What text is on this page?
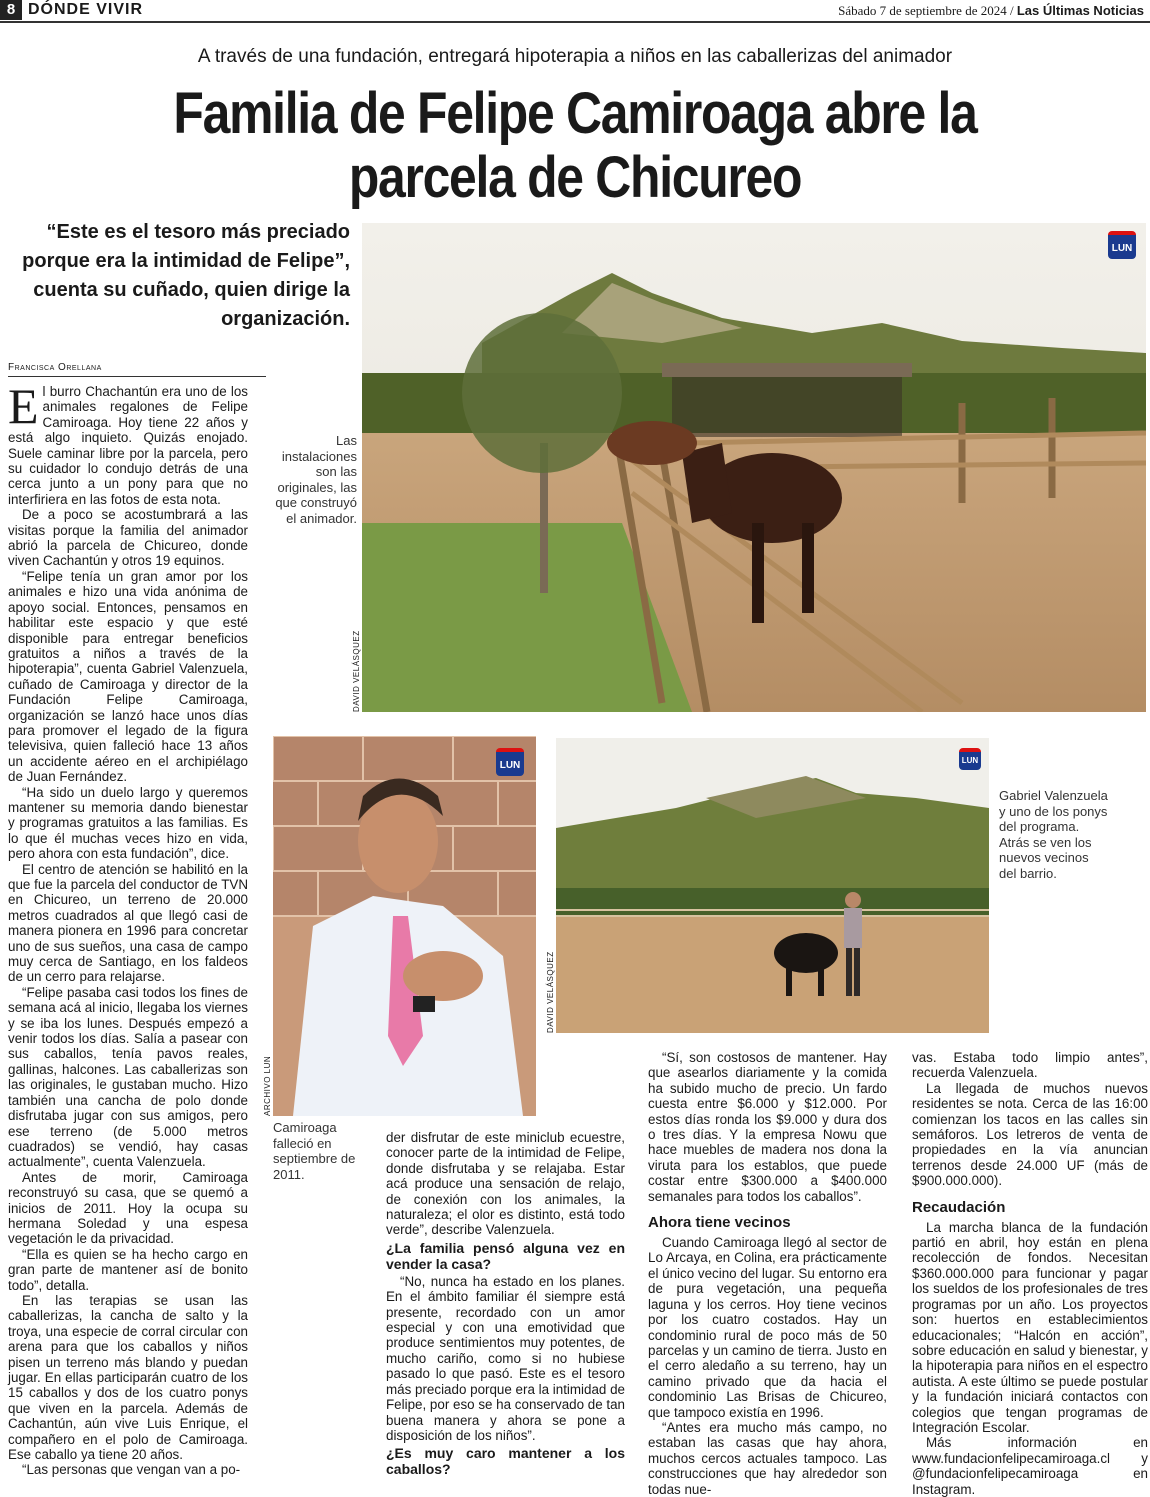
8 DÓNDE VIVIR	Sábado 7 de septiembre de 2024 / Las Últimas Noticias
A través de una fundación, entregará hipoterapia a niños en las caballerizas del animador
Familia de Felipe Camiroaga abre la parcela de Chicureo
“Este es el tesoro más preciado porque era la intimidad de Felipe”, cuenta su cuñado, quien dirige la organización.
Francisca Orellana
LUN
DAVID VELÁSQUEZ
Las instalaciones son las originales, las que construyó el animador.
LUN
ARCHIVO LUN
Camiroaga falleció en septiembre de 2011.
LUN
DAVID VELÁSQUEZ
Gabriel Valenzuela y uno de los ponys del programa. Atrás se ven los nuevos vecinos del barrio.

El burro Chachantún era uno de los animales regalones de Felipe Camiroaga. Hoy tiene 22 años y está algo inquieto. Quizás enojado. Suele caminar libre por la parcela, pero su cuidador lo condujo detrás de una cerca junto a un pony para que no interfiriera en las fotos de esta nota.

De a poco se acostumbrará a las visitas porque la familia del animador abrió la parcela de Chicureo, donde viven Cachantún y otros 19 equinos.

“Felipe tenía un gran amor por los animales e hizo una vida anónima de apoyo social. Entonces, pensamos en habilitar este espacio y que esté disponible para entregar beneficios gratuitos a niños a través de la hipoterapia”, cuenta Gabriel Valenzuela, cuñado de Camiroaga y director de la Fundación Felipe Camiroaga, organización se lanzó hace unos días para promover el legado de la figura televisiva, quien falleció hace 13 años un accidente aéreo en el archipiélago de Juan Fernández.

“Ha sido un duelo largo y queremos mantener su memoria dando bienestar y programas gratuitos a las familias. Es lo que él muchas veces hizo en vida, pero ahora con esta fundación”, dice.

El centro de atención se habilitó en la que fue la parcela del conductor de TVN en Chicureo, un terreno de 20.000 metros cuadrados al que llegó casi de manera pionera en 1996 para concretar uno de sus sueños, una casa de campo muy cerca de Santiago, en los faldeos de un cerro para relajarse.

“Felipe pasaba casi todos los fines de semana acá al inicio, llegaba los viernes y se iba los lunes. Después empezó a venir todos los días. Salía a pasear con sus caballos, tenía pavos reales, gallinas, halcones. Las caballerizas son las originales, le gustaban mucho. Hizo también una cancha de polo donde disfrutaba jugar con sus amigos, pero ese terreno (de 5.000 metros cuadrados) se vendió, hay casas actualmente”, cuenta Valenzuela.

Antes de morir, Camiroaga reconstruyó su casa, que se quemó a inicios de 2011. Hoy la ocupa su hermana Soledad y una espesa vegetación le da privacidad.

“Ella es quien se ha hecho cargo en gran parte de mantener así de bonito todo”, detalla.

En las terapias se usan las caballerizas, la cancha de salto y la troya, una especie de corral circular con arena para que los caballos y niños pisen un terreno más blando y puedan jugar. En ellas participarán cuatro de los 15 caballos y dos de los cuatro ponys que viven en la parcela. Además de Cachantún, aún vive Luis Enrique, el compañero en el polo de Camiroaga. Ese caballo ya tiene 20 años.

“Las personas que vengan van a po-

der disfrutar de este miniclub ecuestre, conocer parte de la intimidad de Felipe, donde disfrutaba y se relajaba. Estar acá produce una sensación de relajo, de conexión con los animales, la naturaleza; el olor es distinto, está todo verde”, describe Valenzuela.

¿La familia pensó alguna vez en vender la casa?

“No, nunca ha estado en los planes. En el ámbito familiar él siempre está presente, recordado con un amor especial y con una emotividad que produce sentimientos muy potentes, de mucho cariño, como si no hubiese pasado lo que pasó. Este es el tesoro más preciado porque era la intimidad de Felipe, por eso se ha conservado de tan buena manera y ahora se pone a disposición de los niños”.

¿Es muy caro mantener a los caballos?

“Sí, son costosos de mantener. Hay que asearlos diariamente y la comida ha subido mucho de precio. Un fardo cuesta entre $6.000 y $12.000. Por estos días ronda los $9.000 y dura dos o tres días. Y la empresa Nowu que hace muebles de madera nos dona la viruta para los establos, que puede costar entre $300.000 a $400.000 semanales para todos los caballos”.

Ahora tiene vecinos

Cuando Camiroaga llegó al sector de Lo Arcaya, en Colina, era prácticamente el único vecino del lugar. Su entorno era de pura vegetación, una pequeña laguna y los cerros. Hoy tiene vecinos por los cuatro costados. Hay un condominio rural de poco más de 50 parcelas y un camino de tierra. Justo en el cerro aledaño a su terreno, hay un camino privado que da hacia el condominio Las Brisas de Chicureo, que tampoco existía en 1996.

“Antes era mucho más campo, no estaban las casas que hay ahora, muchos cercos actuales tampoco. Las construcciones que hay alrededor son todas nue-

vas. Estaba todo limpio antes”, recuerda Valenzuela.

La llegada de muchos nuevos residentes se nota. Cerca de las 16:00 comienzan los tacos en las calles sin semáforos. Los letreros de venta de propiedades en la vía anuncian terrenos desde 24.000 UF (más de $900.000.000).

Recaudación

La marcha blanca de la fundación partió en abril, hoy están en plena recolección de fondos. Necesitan $360.000.000 para funcionar y pagar los sueldos de los profesionales de tres programas por un año. Los proyectos son: huertos en establecimientos educacionales; “Halcón en acción”, sobre educación en salud y bienestar, y la hipoterapia para niños en el espectro autista. A este último se puede postular y la fundación iniciará contactos con colegios que tengan programas de Integración Escolar.

Más información en www.fundacionfelipecamiroaga.cl y @fundacionfelipecamiroaga en Instagram.
